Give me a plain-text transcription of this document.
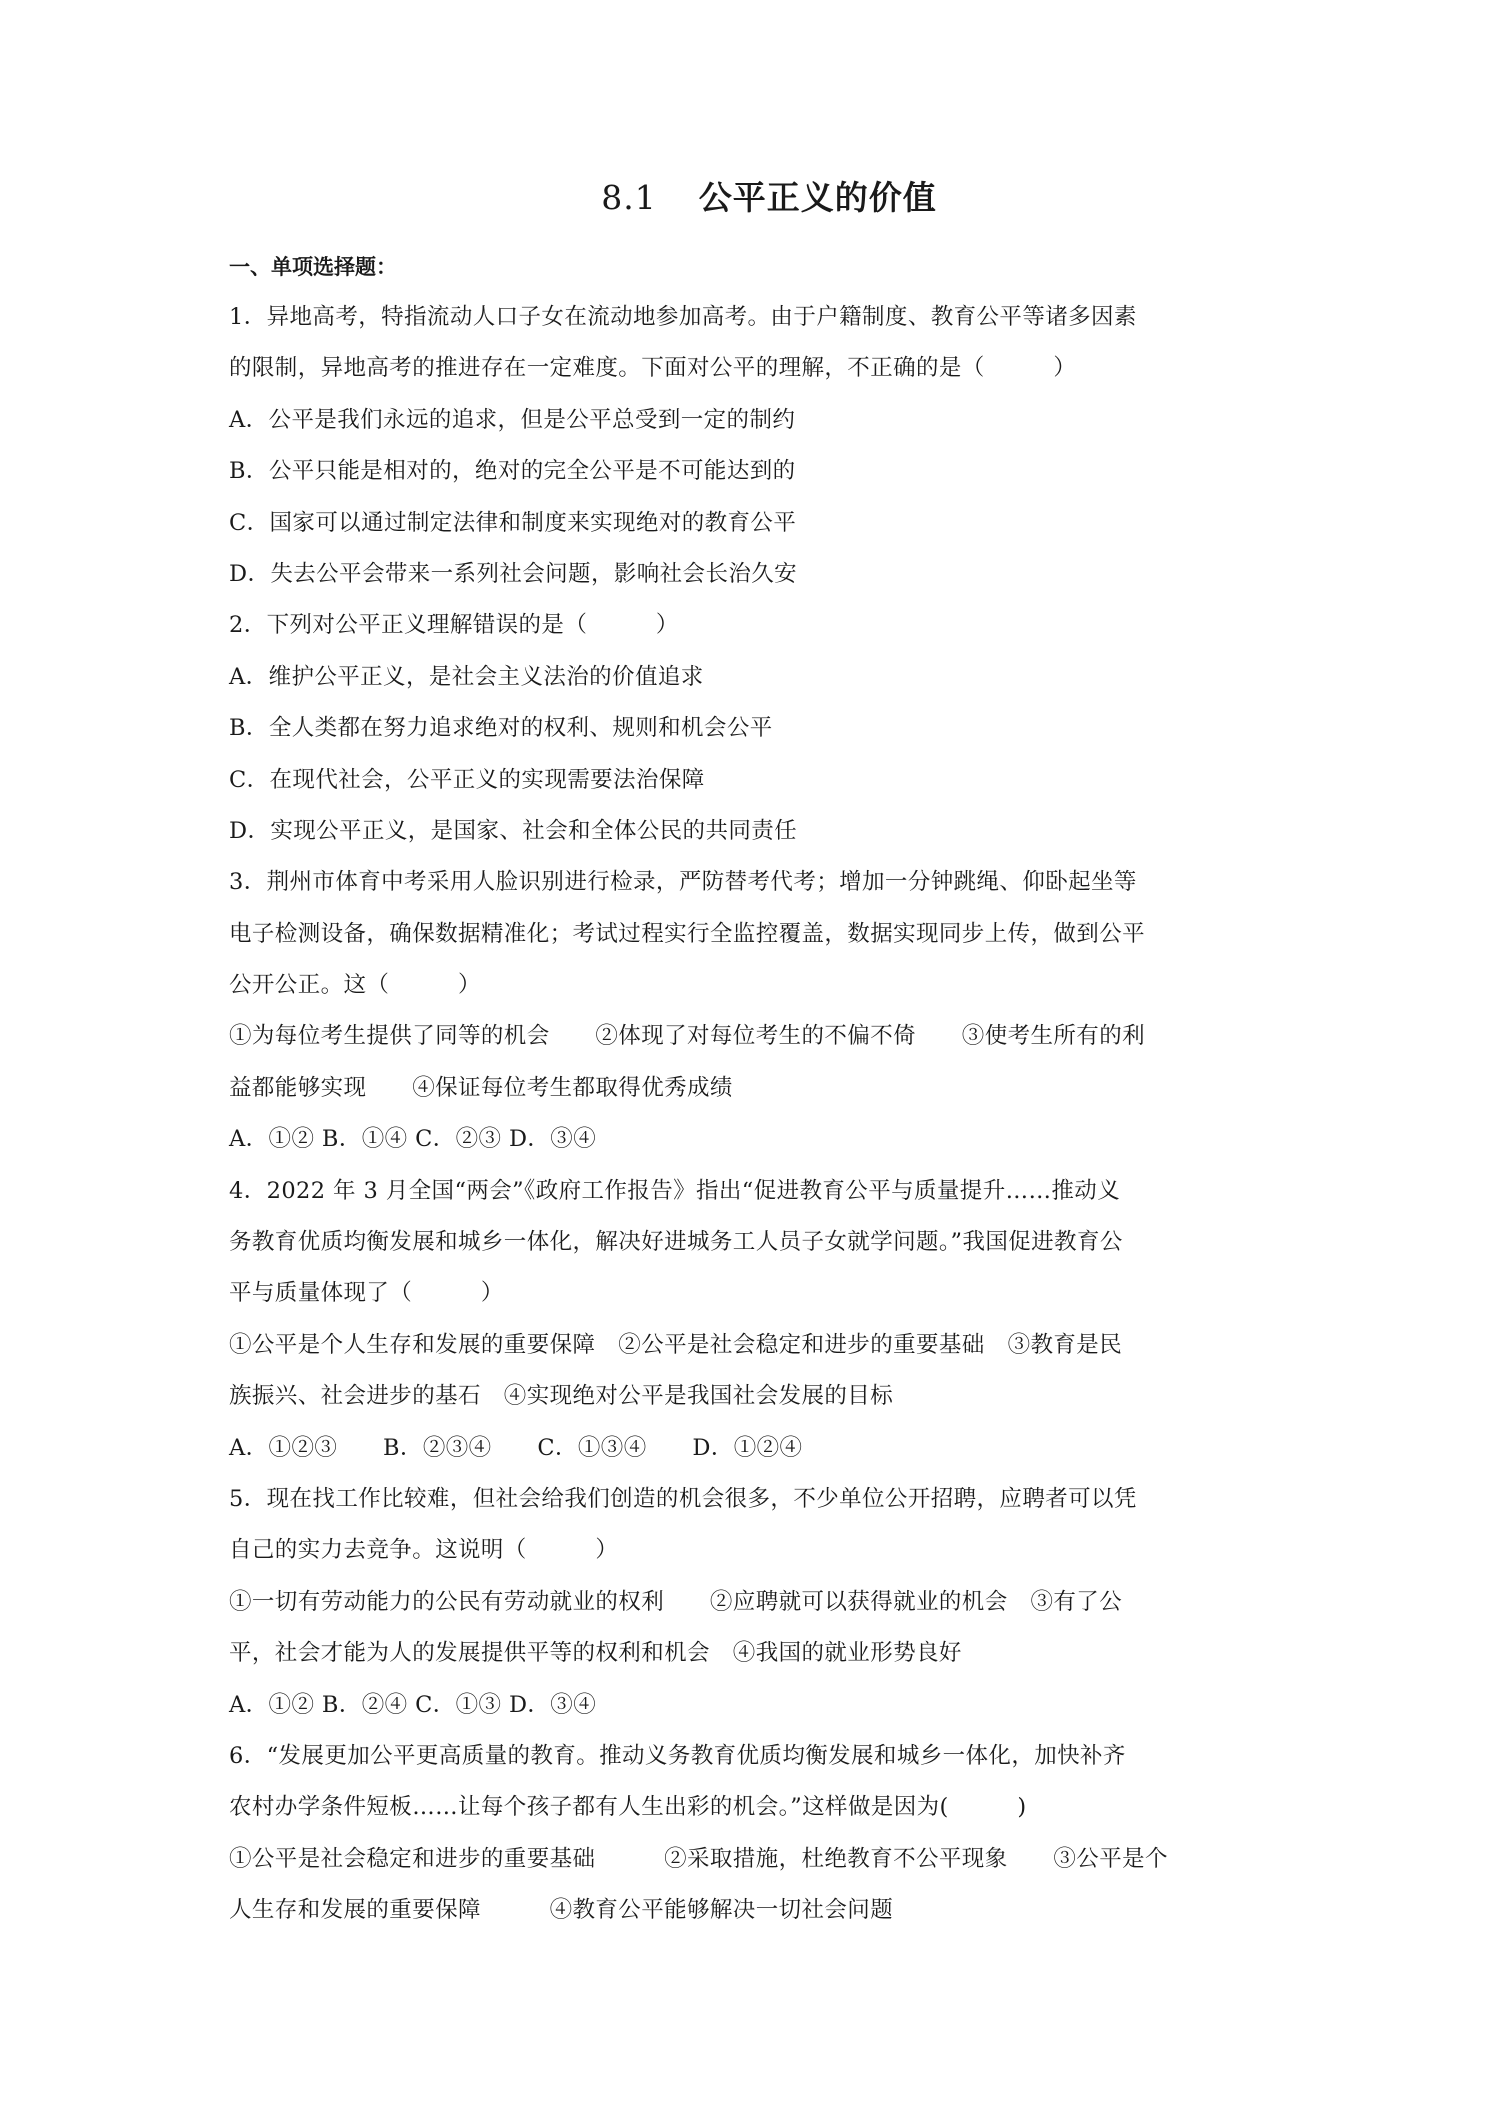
8.1 公平正义的价值
一、单项选择题：
1．异地高考，特指流动人口子女在流动地参加高考。由于户籍制度、教育公平等诸多因素
的限制，异地高考的推进存在一定难度。下面对公平的理解，不正确的是（　　　）
A．公平是我们永远的追求，但是公平总受到一定的制约
B．公平只能是相对的，绝对的完全公平是不可能达到的
C．国家可以通过制定法律和制度来实现绝对的教育公平
D．失去公平会带来一系列社会问题，影响社会长治久安
2．下列对公平正义理解错误的是（　　　）
A．维护公平正义，是社会主义法治的价值追求
B．全人类都在努力追求绝对的权利、规则和机会公平
C．在现代社会，公平正义的实现需要法治保障
D．实现公平正义，是国家、社会和全体公民的共同责任
3．荆州市体育中考采用人脸识别进行检录，严防替考代考；增加一分钟跳绳、仰卧起坐等
电子检测设备，确保数据精准化；考试过程实行全监控覆盖，数据实现同步上传，做到公平
公开公正。这（　　　）
①为每位考生提供了同等的机会　　②体现了对每位考生的不偏不倚　　③使考生所有的利
益都能够实现　　④保证每位考生都取得优秀成绩
A．①② B．①④ C．②③ D．③④
4．2022 年 3 月全国“两会”《政府工作报告》指出“促进教育公平与质量提升……推动义
务教育优质均衡发展和城乡一体化，解决好进城务工人员子女就学问题。”我国促进教育公
平与质量体现了（　　　）
①公平是个人生存和发展的重要保障　②公平是社会稳定和进步的重要基础　③教育是民
族振兴、社会进步的基石　④实现绝对公平是我国社会发展的目标
A．①②③　　B．②③④　　C．①③④　　D．①②④
5．现在找工作比较难，但社会给我们创造的机会很多，不少单位公开招聘，应聘者可以凭
自己的实力去竞争。这说明（　　　）
①一切有劳动能力的公民有劳动就业的权利　　②应聘就可以获得就业的机会　③有了公
平，社会才能为人的发展提供平等的权利和机会　④我国的就业形势良好
A．①② B．②④ C．①③ D．③④
6．“发展更加公平更高质量的教育。推动义务教育优质均衡发展和城乡一体化，加快补齐
农村办学条件短板……让每个孩子都有人生出彩的机会。”这样做是因为(　　　)
①公平是社会稳定和进步的重要基础　　　②采取措施，杜绝教育不公平现象　　③公平是个
人生存和发展的重要保障　　　④教育公平能够解决一切社会问题
